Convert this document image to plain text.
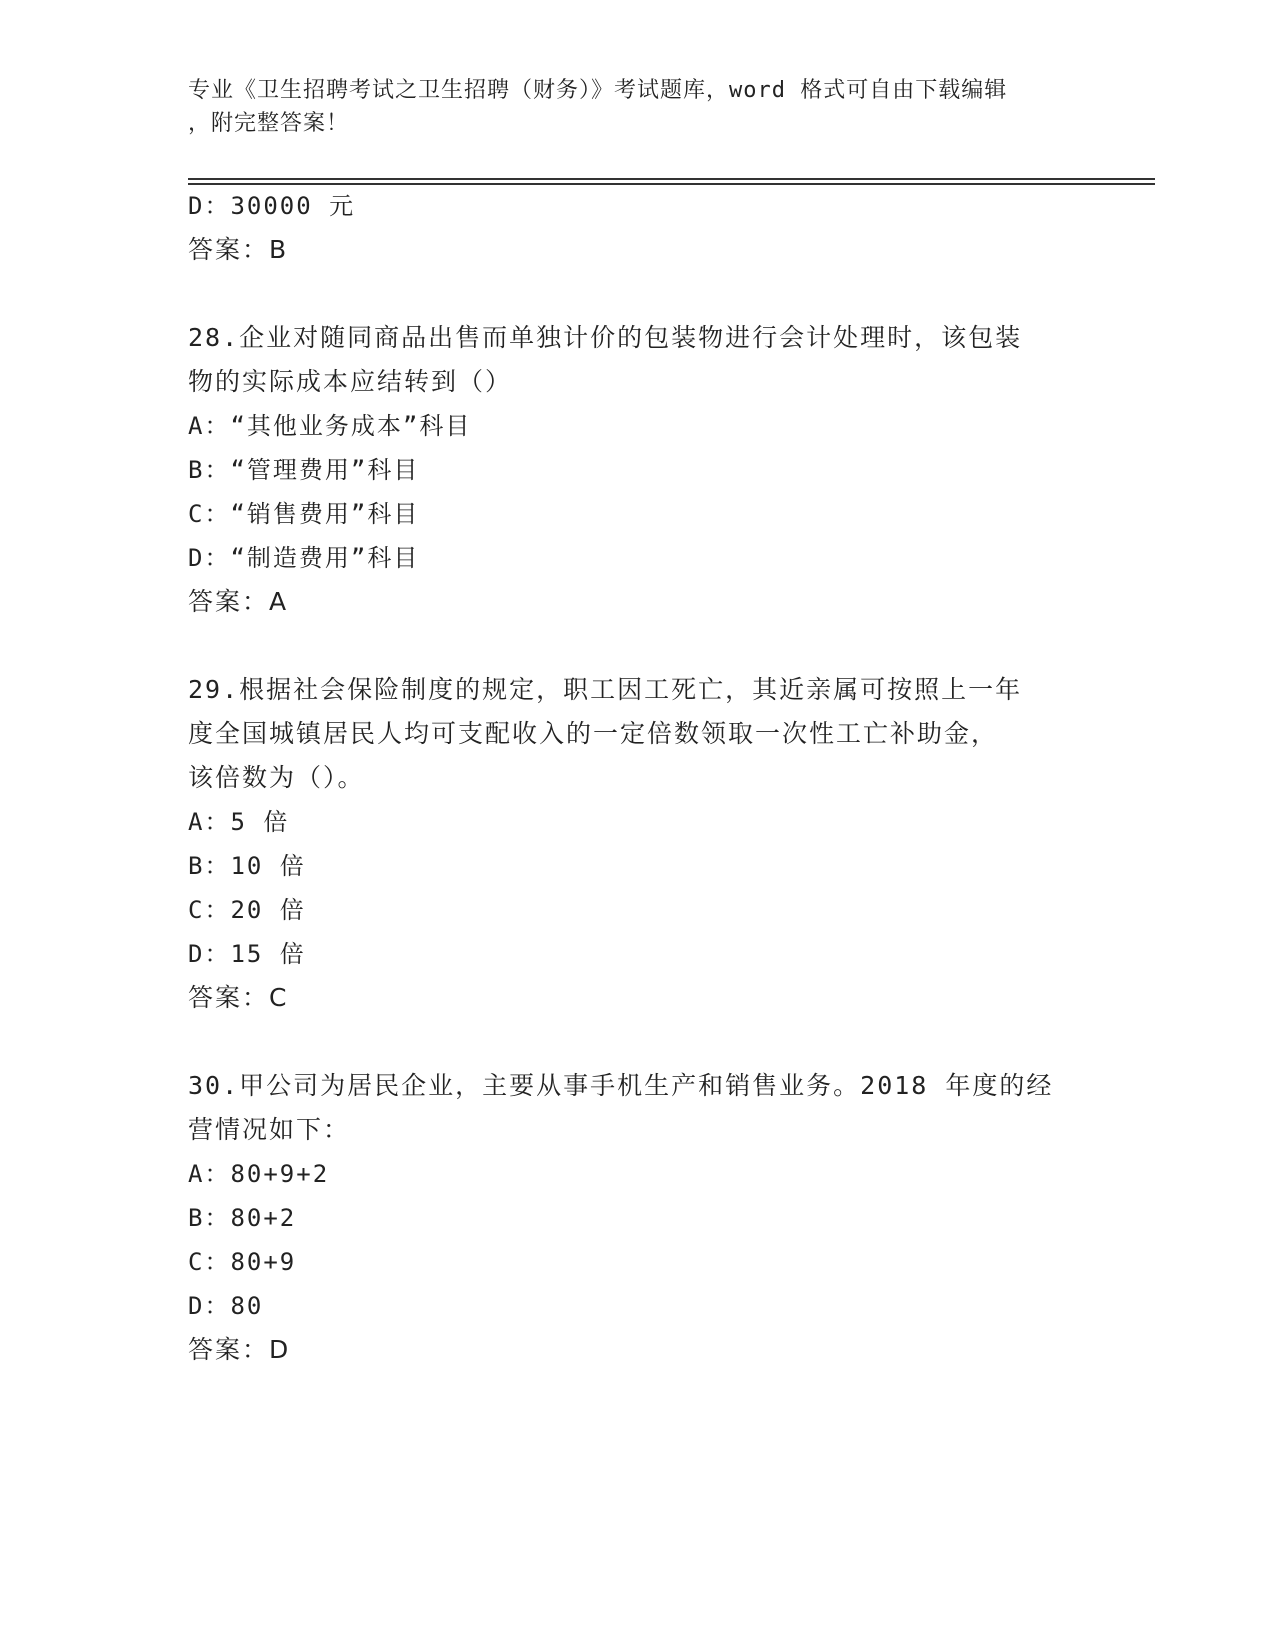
专业《卫生招聘考试之卫生招聘（财务）》考试题库，word 格式可自由下载编辑
，附完整答案！
D：30000 元
答案：B
28.企业对随同商品出售而单独计价的包装物进行会计处理时，该包装
物的实际成本应结转到（）
A：“其他业务成本”科目
B：“管理费用”科目
C：“销售费用”科目
D：“制造费用”科目
答案：A
29.根据社会保险制度的规定，职工因工死亡，其近亲属可按照上一年
度全国城镇居民人均可支配收入的一定倍数领取一次性工亡补助金，
该倍数为（）。
A：5 倍
B：10 倍
C：20 倍
D：15 倍
答案：C
30.甲公司为居民企业，主要从事手机生产和销售业务。2018 年度的经
营情况如下：
A：80+9+2
B：80+2
C：80+9
D：80
答案：D
